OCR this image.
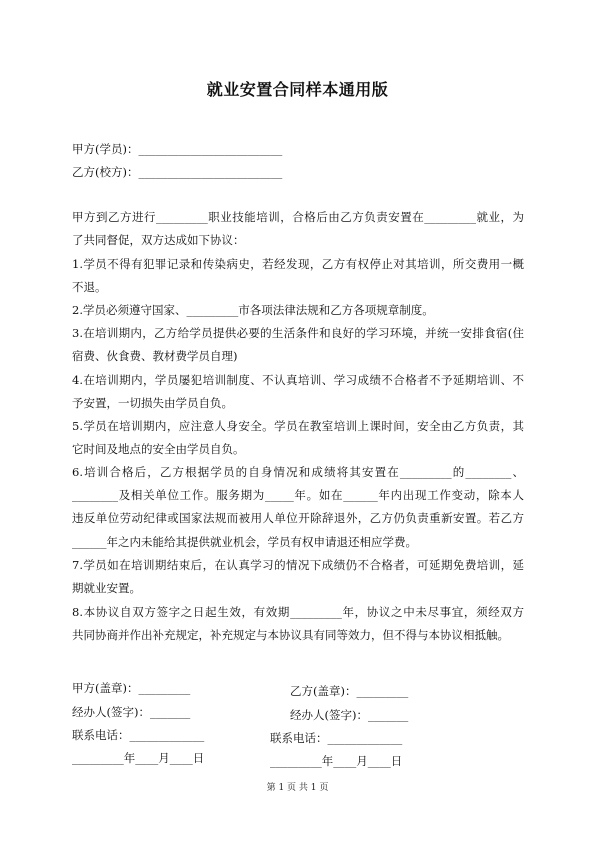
就业安置合同样本通用版
甲方(学员)：_________________________
乙方(校方)：_________________________
甲方到乙方进行_________职业技能培训，合格后由乙方负责安置在_________就业，为
了共同督促，双方达成如下协议：
1.学员不得有犯罪记录和传染病史，若经发现，乙方有权停止对其培训，所交费用一概
不退。
2.学员必须遵守国家、_________市各项法律法规和乙方各项规章制度。
3.在培训期内，乙方给学员提供必要的生活条件和良好的学习环境，并统一安排食宿(住
宿费、伙食费、教材费学员自理)
4.在培训期内，学员屡犯培训制度、不认真培训、学习成绩不合格者不予延期培训、不
予安置，一切损失由学员自负。
5.学员在培训期内，应注意人身安全。学员在教室培训上课时间，安全由乙方负责，其
它时间及地点的安全由学员自负。
6.培训合格后，乙方根据学员的自身情况和成绩将其安置在_________的________、
________及相关单位工作。服务期为_____年。如在______年内出现工作变动，除本人
违反单位劳动纪律或国家法规而被用人单位开除辞退外，乙方仍负责重新安置。若乙方
______年之内未能给其提供就业机会，学员有权申请退还相应学费。
7.学员如在培训期结束后，在认真学习的情况下成绩仍不合格者，可延期免费培训，延
期就业安置。
8.本协议自双方签字之日起生效，有效期_________年，协议之中未尽事宜，须经双方
共同协商并作出补充规定，补充规定与本协议具有同等效力，但不得与本协议相抵触。
甲方(盖章)：_________	乙方(盖章)：_________
经办人(签字)：_______	经办人(签字)：_______
联系电话：_____________	联系电话：_____________
_________年____月____日	_________年____月____日
第 1 页 共 1 页
